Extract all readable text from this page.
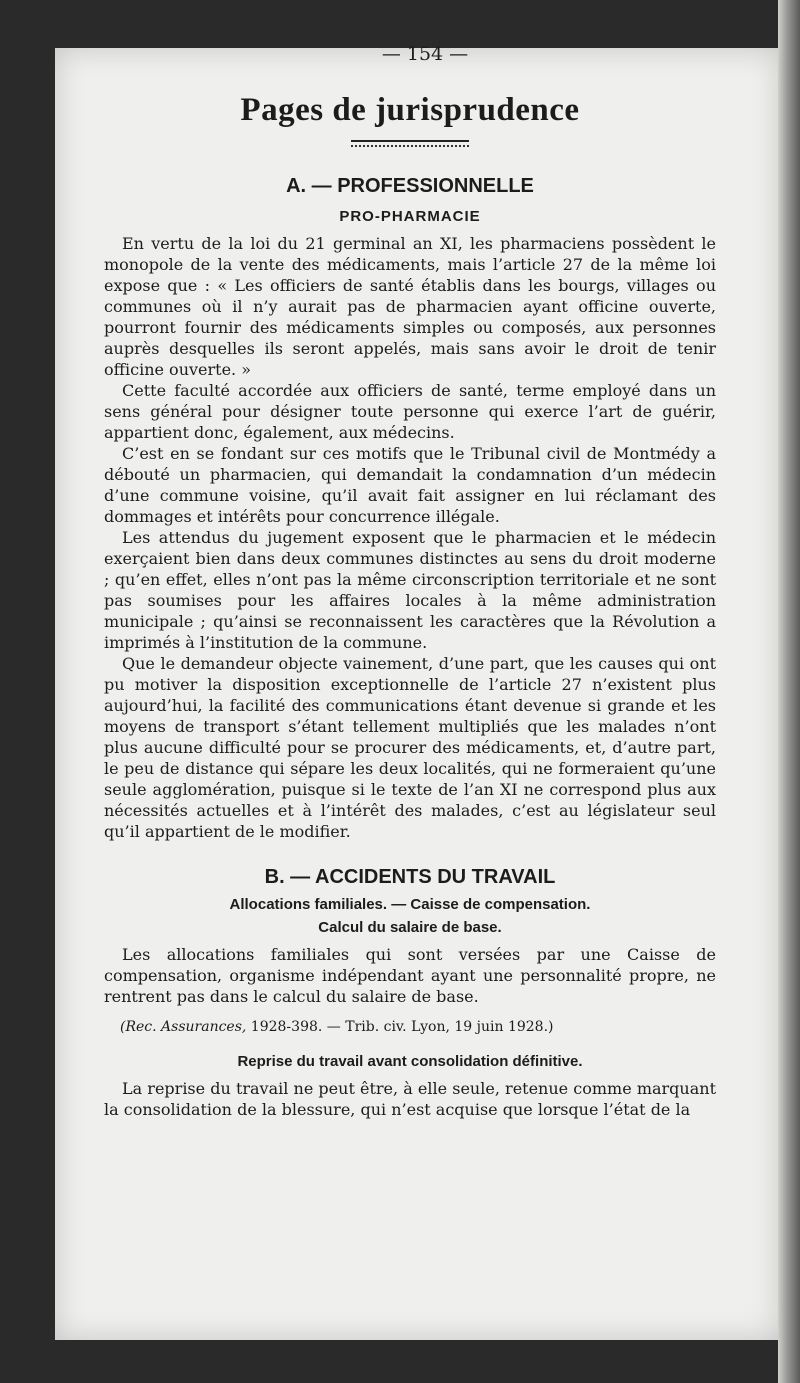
— 154 —
Pages de jurisprudence
A. — PROFESSIONNELLE
PRO-PHARMACIE

En vertu de la loi du 21 germinal an XI, les pharmaciens possèdent le monopole de la vente des médicaments, mais l’article 27 de la même loi expose que : « Les officiers de santé établis dans les bourgs, villages ou communes où il n’y aurait pas de pharmacien ayant officine ouverte, pourront fournir des médicaments simples ou composés, aux personnes auprès desquelles ils seront appelés, mais sans avoir le droit de tenir officine ouverte. »

Cette faculté accordée aux officiers de santé, terme employé dans un sens général pour désigner toute personne qui exerce l’art de guérir, appartient donc, également, aux médecins.

C’est en se fondant sur ces motifs que le Tribunal civil de Montmédy a débouté un pharmacien, qui demandait la condamnation d’un médecin d’une commune voisine, qu’il avait fait assigner en lui réclamant des dommages et intérêts pour concurrence illégale.

Les attendus du jugement exposent que le pharmacien et le médecin exerçaient bien dans deux communes distinctes au sens du droit moderne ; qu’en effet, elles n’ont pas la même circonscription territoriale et ne sont pas soumises pour les affaires locales à la même administration municipale ; qu’ainsi se reconnaissent les caractères que la Révolution a imprimés à l’institution de la commune.

Que le demandeur objecte vainement, d’une part, que les causes qui ont pu motiver la disposition exceptionnelle de l’article 27 n’existent plus aujourd’hui, la facilité des communications étant devenue si grande et les moyens de transport s’étant tellement multipliés que les malades n’ont plus aucune difficulté pour se procurer des médicaments, et, d’autre part, le peu de distance qui sépare les deux localités, qui ne formeraient qu’une seule agglomération, puisque si le texte de l’an XI ne correspond plus aux nécessités actuelles et à l’intérêt des malades, c’est au législateur seul qu’il appartient de le modifier.

B. — ACCIDENTS DU TRAVAIL
Allocations familiales. — Caisse de compensation.
Calcul du salaire de base.

Les allocations familiales qui sont versées par une Caisse de compensation, organisme indépendant ayant une personnalité propre, ne rentrent pas dans le calcul du salaire de base.

(Rec. Assurances, 1928-398. — Trib. civ. Lyon, 19 juin 1928.)
Reprise du travail avant consolidation définitive.

La reprise du travail ne peut être, à elle seule, retenue comme marquant la consolidation de la blessure, qui n’est acquise que lorsque l’état de la
